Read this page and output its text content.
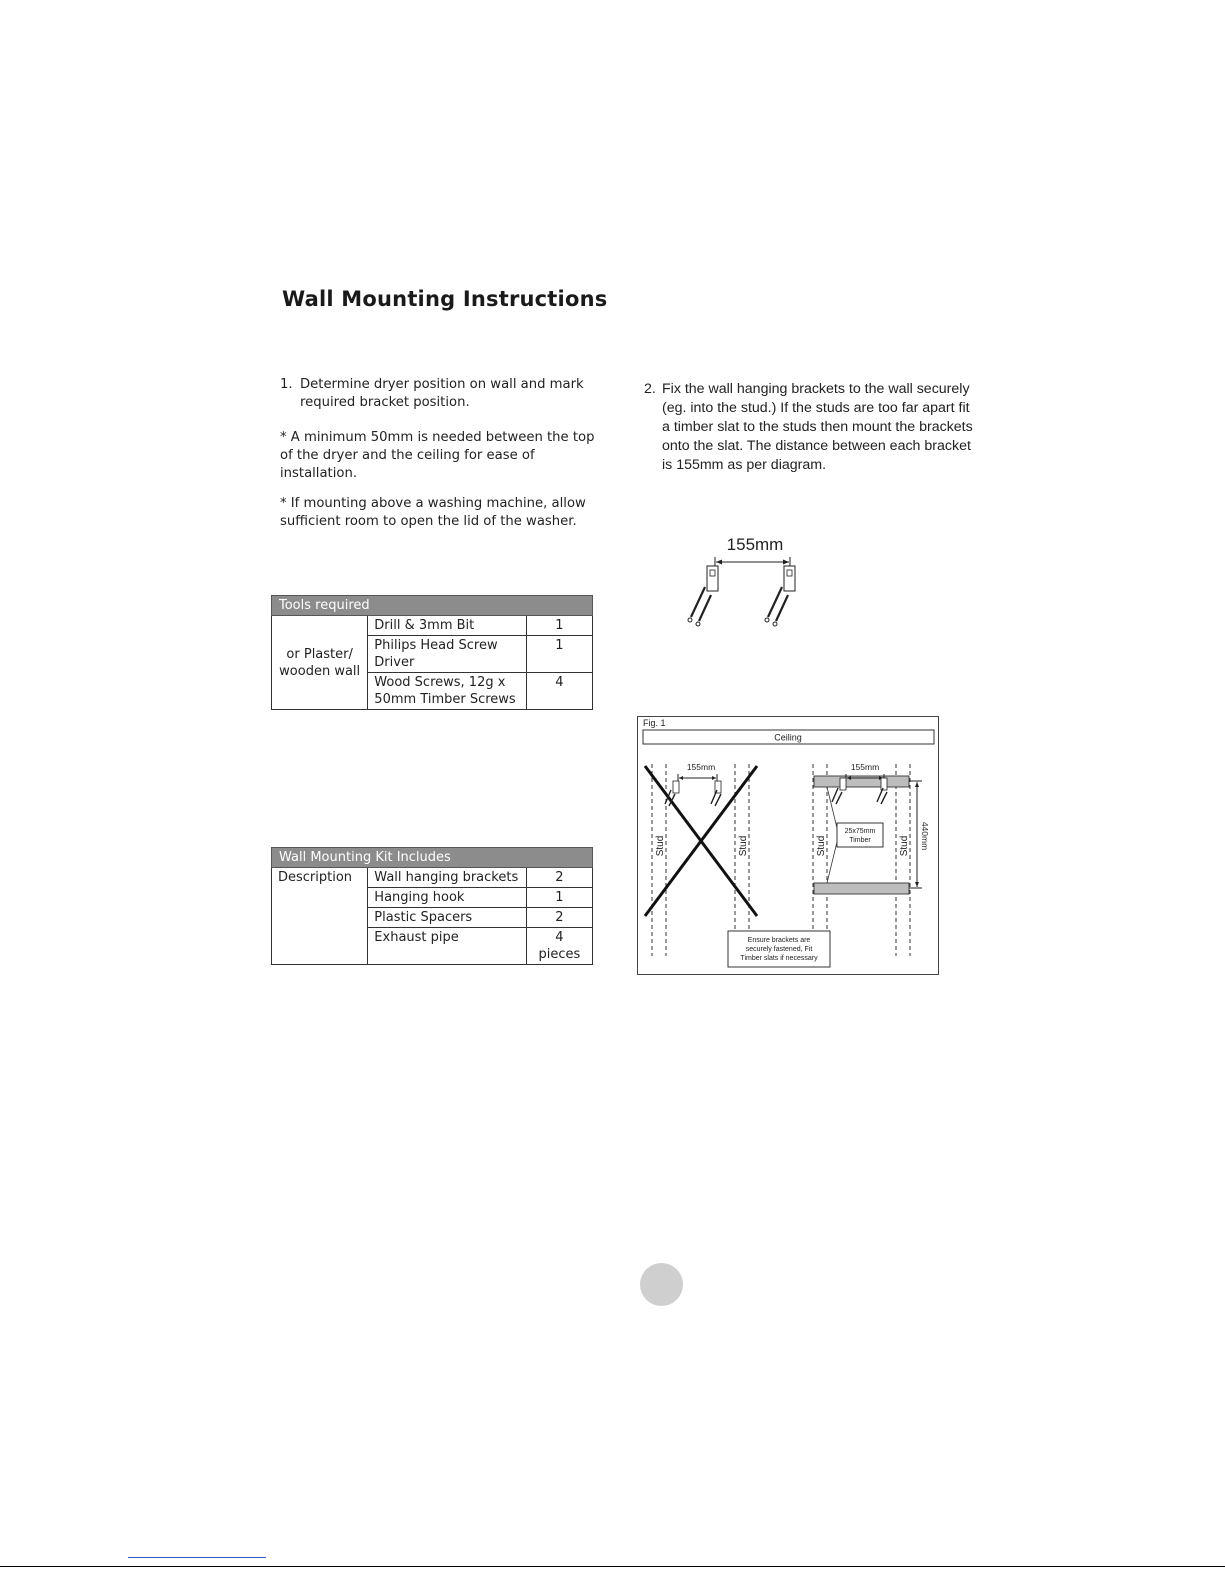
Wall Mounting Instructions
1. Determine dryer position on wall and mark required bracket position.
* A minimum 50mm is needed between the top of the dryer and the ceiling for ease of installation.
* If mounting above a washing machine, allow sufficient room to open the lid of the washer.
2. Fix the wall hanging brackets to the wall securely (eg. into the stud.) If the studs are too far apart fit a timber slat to the studs then mount the brackets onto the slat. The distance between each bracket is 155mm as per diagram.
Tools required		
or Plaster/ wooden wall	Drill & 3mm Bit	1
	Philips Head Screw Driver	1
	Wood Screws, 12g x 50mm Timber Screws	4
Wall Mounting Kit Includes		
Description	Wall hanging brackets	2
	Hanging hook	1
	Plastic Spacers	2
	Exhaust pipe	4 pieces
155mm
Fig. 1
Ceiling
155mm
Stud	Stud	Stud	Stud
155mm
440mm
25x75mm
Timber
Ensure brackets are
securely fastened, Fit
Timber slats if necessary
